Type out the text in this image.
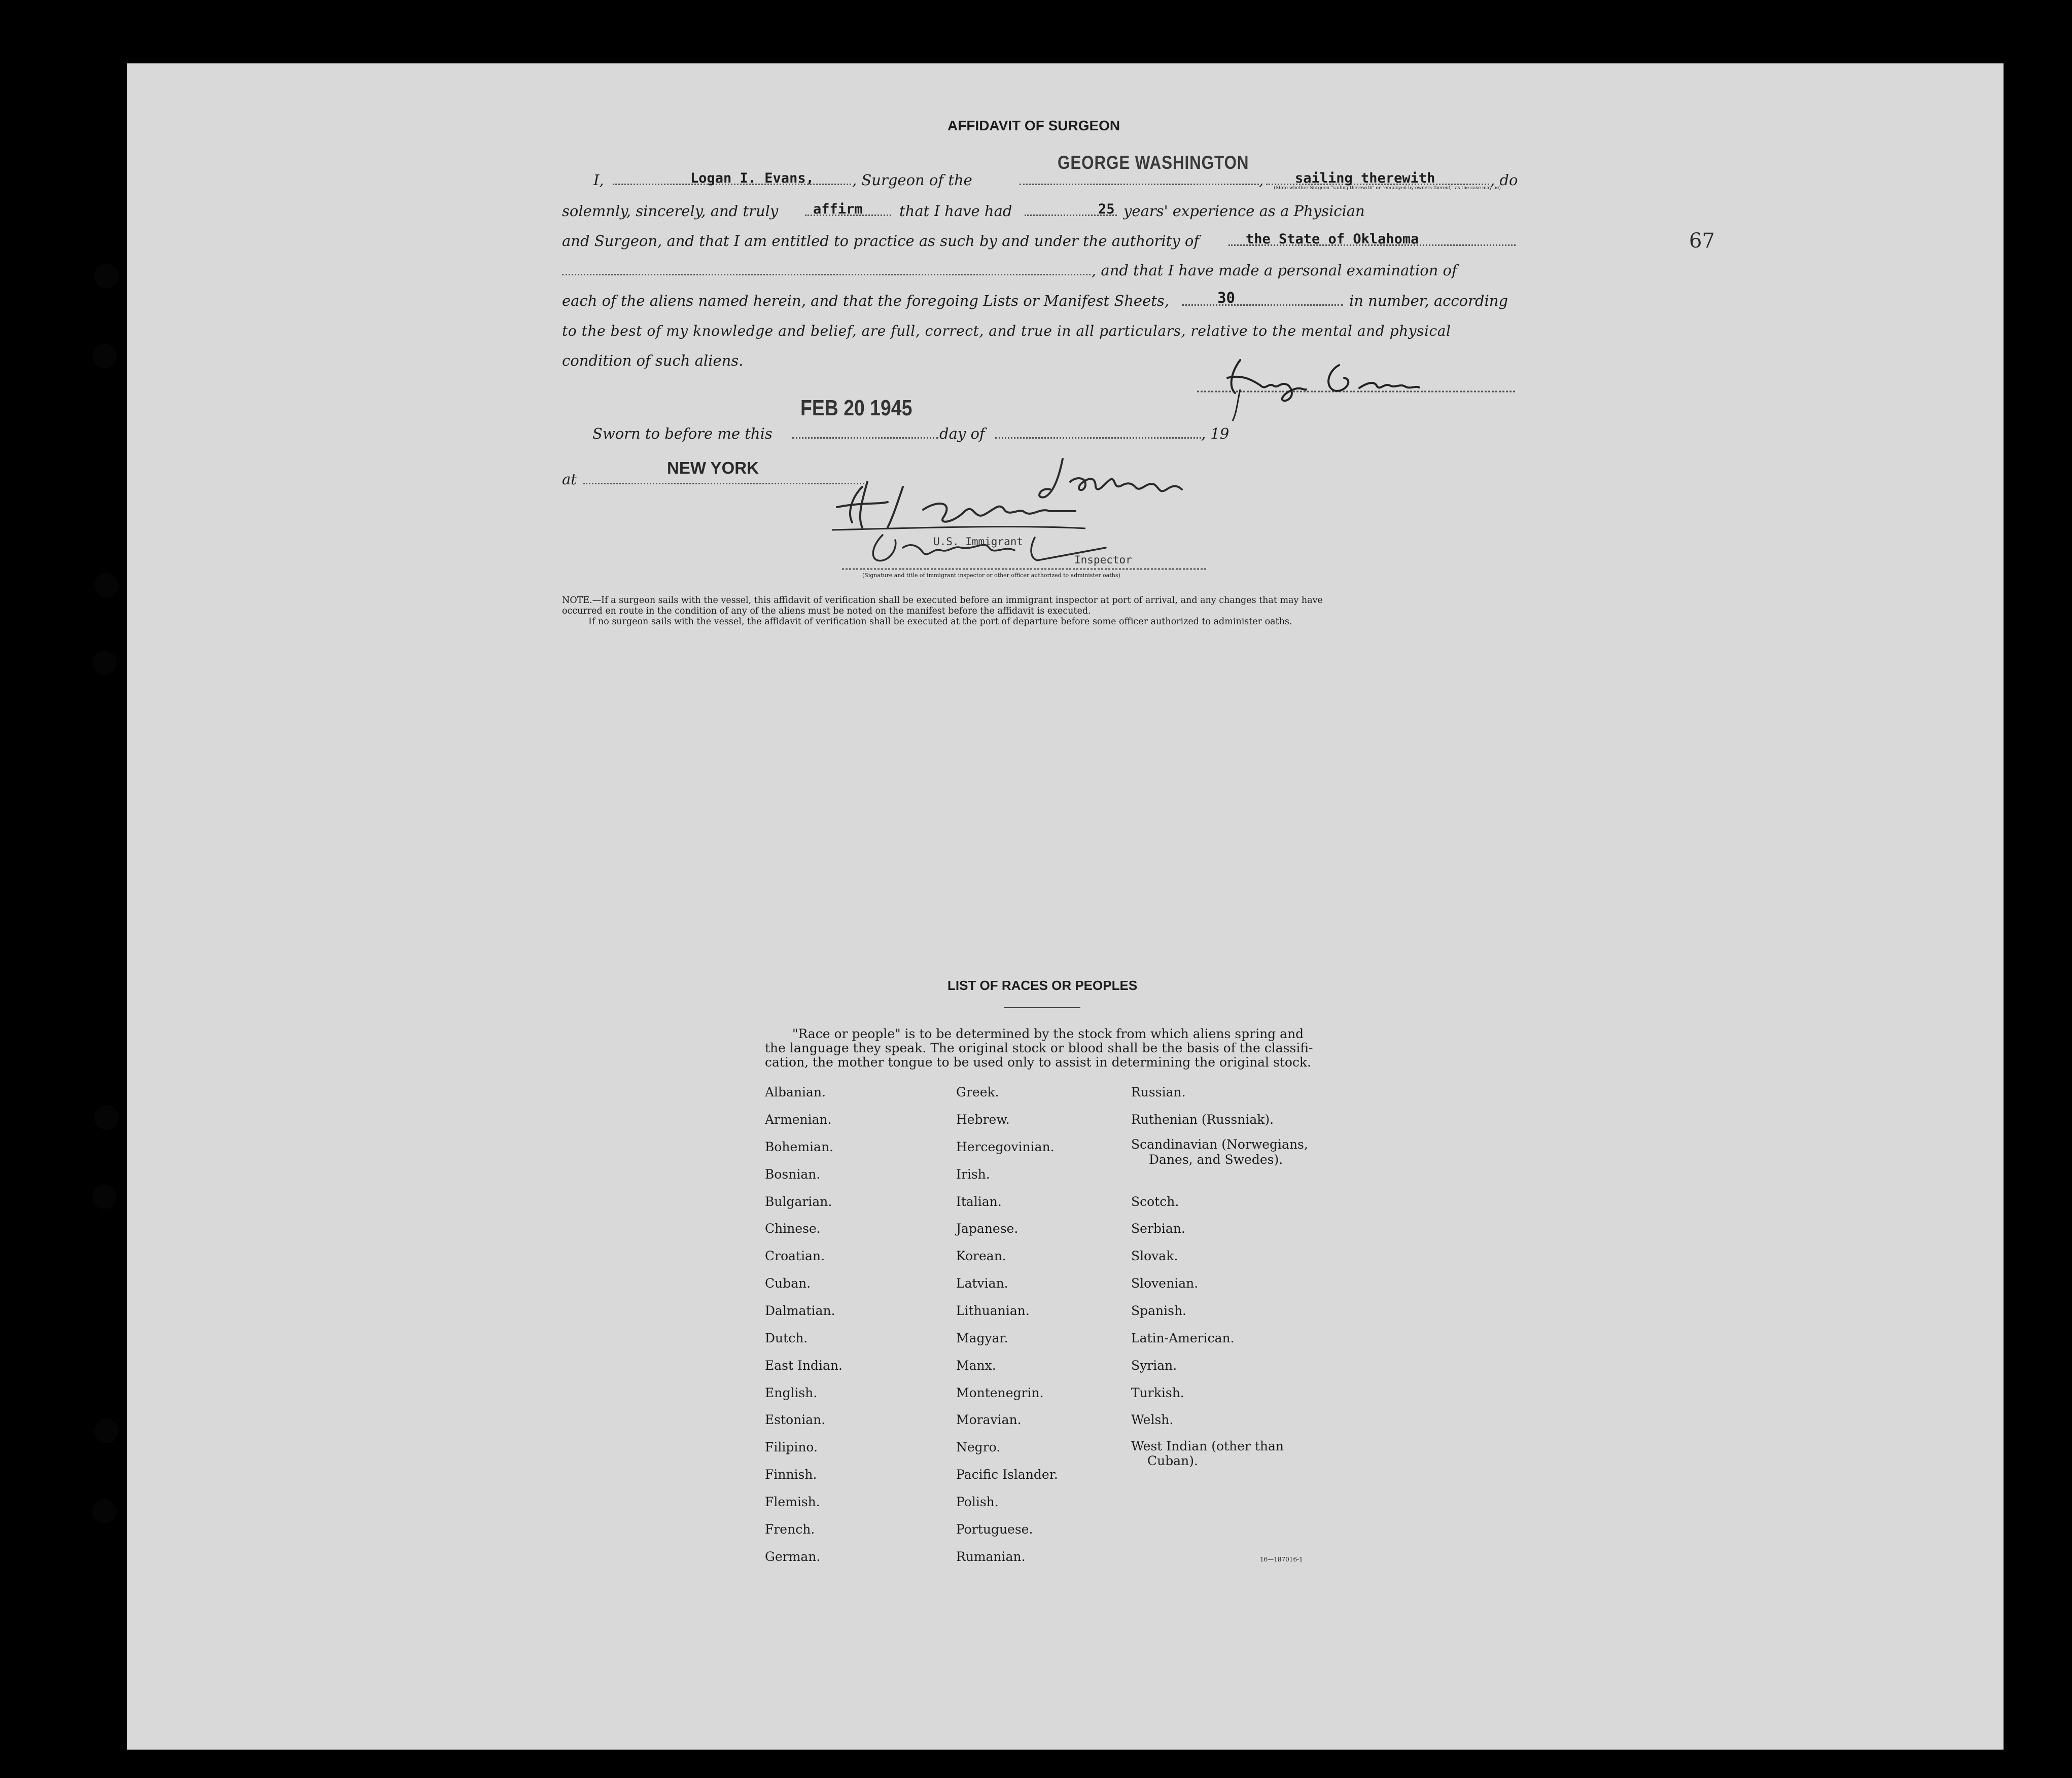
67
AFFIDAVIT OF SURGEON
I,	Logan I. Evans,	, Surgeon of the
GEORGE WASHINGTON
, sailing therewith	, do
(State whether Surgeon "sailing therewith" or "employed by owners thereof," as the case may be)
solemnly, sincerely, and truly	affirm that I have had	25 years' experience as a Physician
and Surgeon, and that I am entitled to practice as such by and under the authority of	the State of Oklahoma
, and that I have made a personal examination of
each of the aliens named herein, and that the foregoing Lists or Manifest Sheets,	30	in number, according
to the best of my knowledge and belief, are full, correct, and true in all particulars, relative to the mental and physical
condition of such aliens.
Sworn to before me this
FEB 20 1945
day of	, 19
at
NEW YORK
U.S. Immigrant
Inspector
(Signature and title of immigrant inspector or other officer authorized to administer oaths)
NOTE.—If a surgeon sails with the vessel, this affidavit of verification shall be executed before an immigrant inspector at port of arrival, and any changes that may have
occurred en route in the condition of any of the aliens must be noted on the manifest before the affidavit is executed.
If no surgeon sails with the vessel, the affidavit of verification shall be executed at the port of departure before some officer authorized to administer oaths.
LIST OF RACES OR PEOPLES
"Race or people" is to be determined by the stock from which aliens spring and
the language they speak. The original stock or blood shall be the basis of the classifi-
cation, the mother tongue to be used only to assist in determining the original stock.
Albanian.
Armenian.
Bohemian.
Bosnian.
Bulgarian.
Chinese.
Croatian.
Cuban.
Dalmatian.
Dutch.
East Indian.
English.
Estonian.
Filipino.
Finnish.
Flemish.
French.
German.
Greek.
Hebrew.
Hercegovinian.
Irish.
Italian.
Japanese.
Korean.
Latvian.
Lithuanian.
Magyar.
Manx.
Montenegrin.
Moravian.
Negro.
Pacific Islander.
Polish.
Portuguese.
Rumanian.
Russian.
Ruthenian (Russniak).
Scandinavian (Norwegians,
Danes, and Swedes).
Scotch.
Serbian.
Slovak.
Slovenian.
Spanish.
Latin-American.
Syrian.
Turkish.
Welsh.
West Indian (other than
Cuban).
16—187016-1
